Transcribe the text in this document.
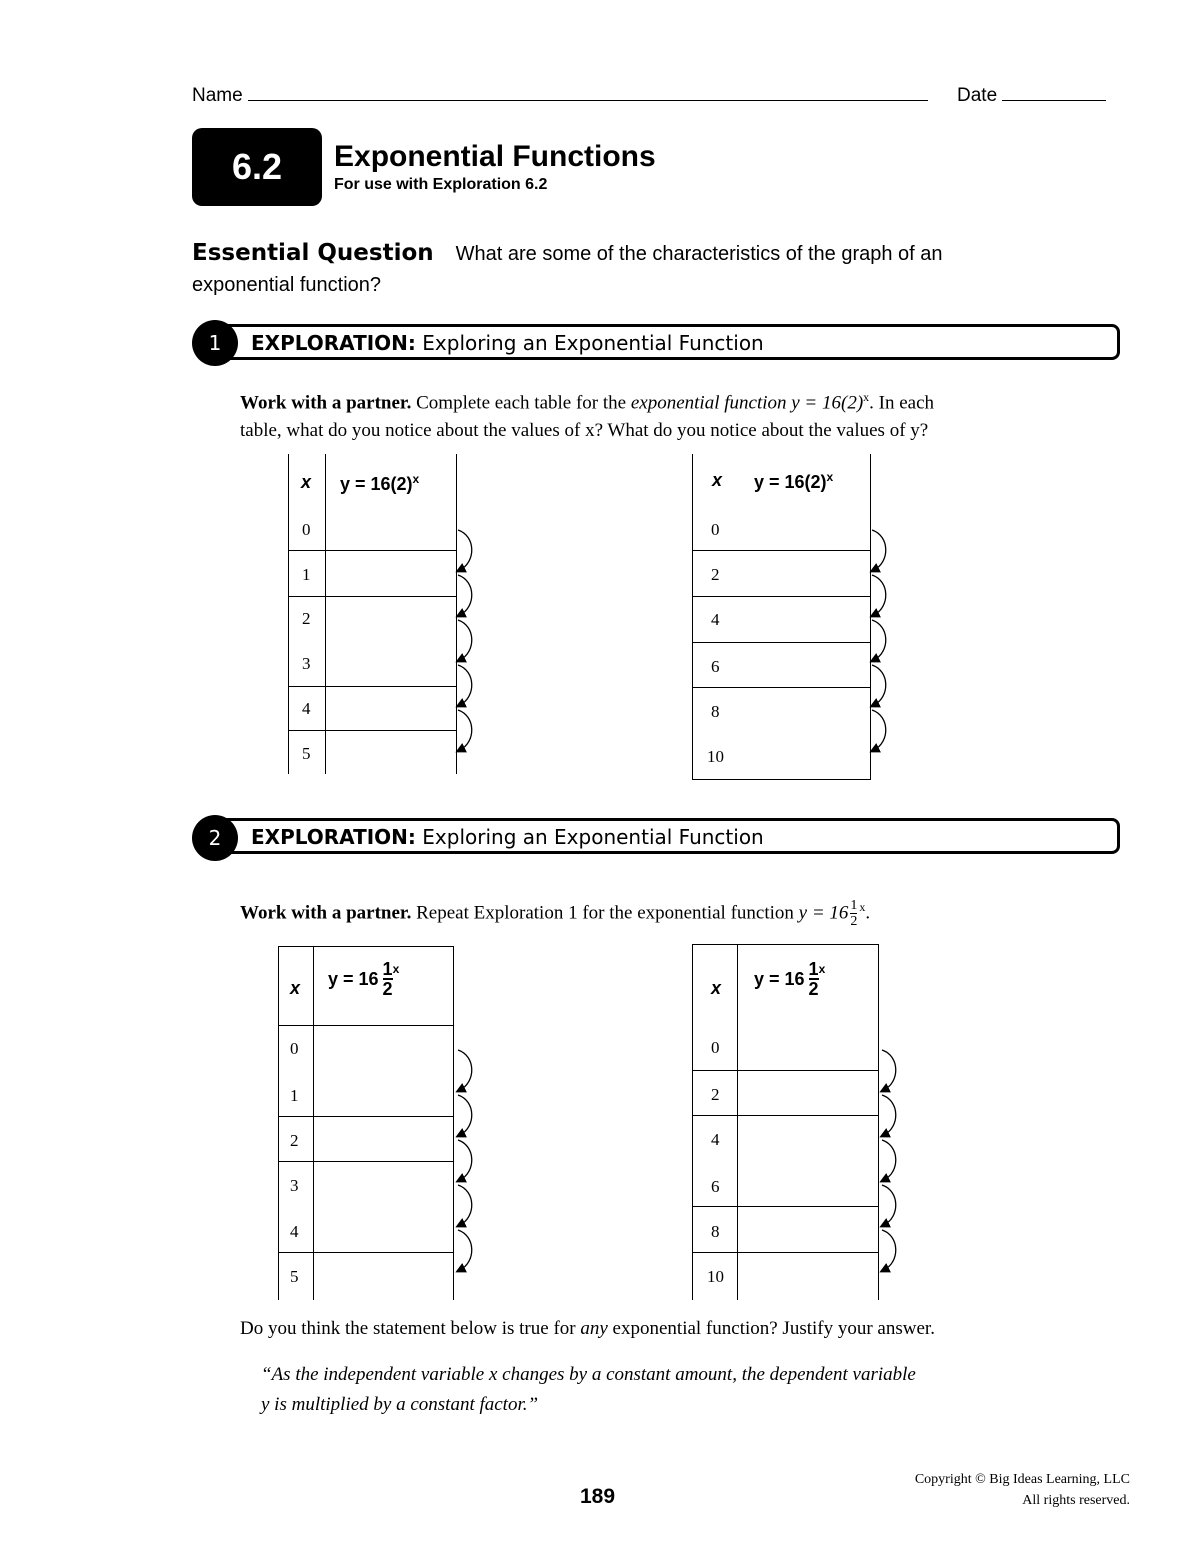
Name	Date
6.2	Exponential Functions
For use with Exploration 6.2
Essential Question What are some of the characteristics of the graph of an exponential function?
1	EXPLORATION: Exploring an Exponential Function
Work with a partner. Complete each table for the exponential function $y = 16(2)^x$. In each
table, what do you notice about the values of x? What do you notice about the values of y?
x $y = 16(2)^x$
0
1
2
3
4
5
x $y = 16(2)^x$
0
2
4
6
8
10
2	EXPLORATION: Exploring an Exponential Function
Work with a partner. Repeat Exploration 1 for the exponential function $y = 16 \frac{1}{2} ^x$.
x $y = 16 \frac{1}{2} ^x$
0
1
2
3
4
5
x $y = 16 \frac{1}{2} ^x$
0
2
4
6
8
10
Do you think the statement below is true for any exponential function? Justify your answer.
“As the independent variable x changes by a constant amount, the dependent variable
y is multiplied by a constant factor.”
189
Copyright © Big Ideas Learning, LLC
All rights reserved.
